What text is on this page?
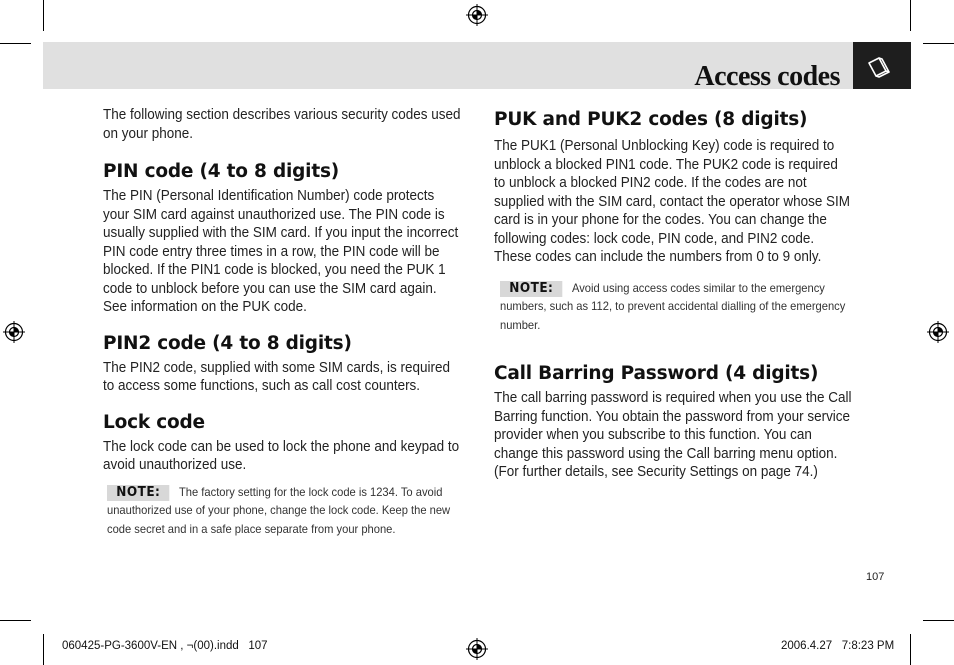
Access codes

The following section describes various security codes used on your phone.

PIN code (4 to 8 digits)

The PIN (Personal Identification Number) code protects your SIM card against unauthorized use. The PIN code is usually supplied with the SIM card. If you input the incorrect PIN code entry three times in a row, the PIN code will be blocked. If the PIN1 code is blocked, you need the PUK 1 code to unblock before you can use the SIM card again. See information on the PUK code.

PIN2 code (4 to 8 digits)

The PIN2 code, supplied with some SIM cards, is required to access some functions, such as call cost counters.

Lock code

The lock code can be used to lock the phone and keypad to avoid unauthorized use.

NOTE: The factory setting for the lock code is 1234. To avoid unauthorized use of your phone, change the lock code. Keep the new code secret and in a safe place separate from your phone.

PUK and PUK2 codes (8 digits)

The PUK1 (Personal Unblocking Key) code is required to unblock a blocked PIN1 code. The PUK2 code is required to unblock a blocked PIN2 code. If the codes are not supplied with the SIM card, contact the operator whose SIM card is in your phone for the codes. You can change the following codes: lock code, PIN code, and PIN2 code. These codes can include the numbers from 0 to 9 only.

NOTE: Avoid using access codes similar to the emergency numbers, such as 112, to prevent accidental dialling of the emergency number.

Call Barring Password (4 digits)

The call barring password is required when you use the Call Barring function. You obtain the password from your service provider when you subscribe to this function. You can change this password using the Call barring menu option. (For further details, see Security Settings on page 74.)

107
060425-PG-3600V-EN , ¬(00).indd   107	2006.4.27   7:8:23 PM
